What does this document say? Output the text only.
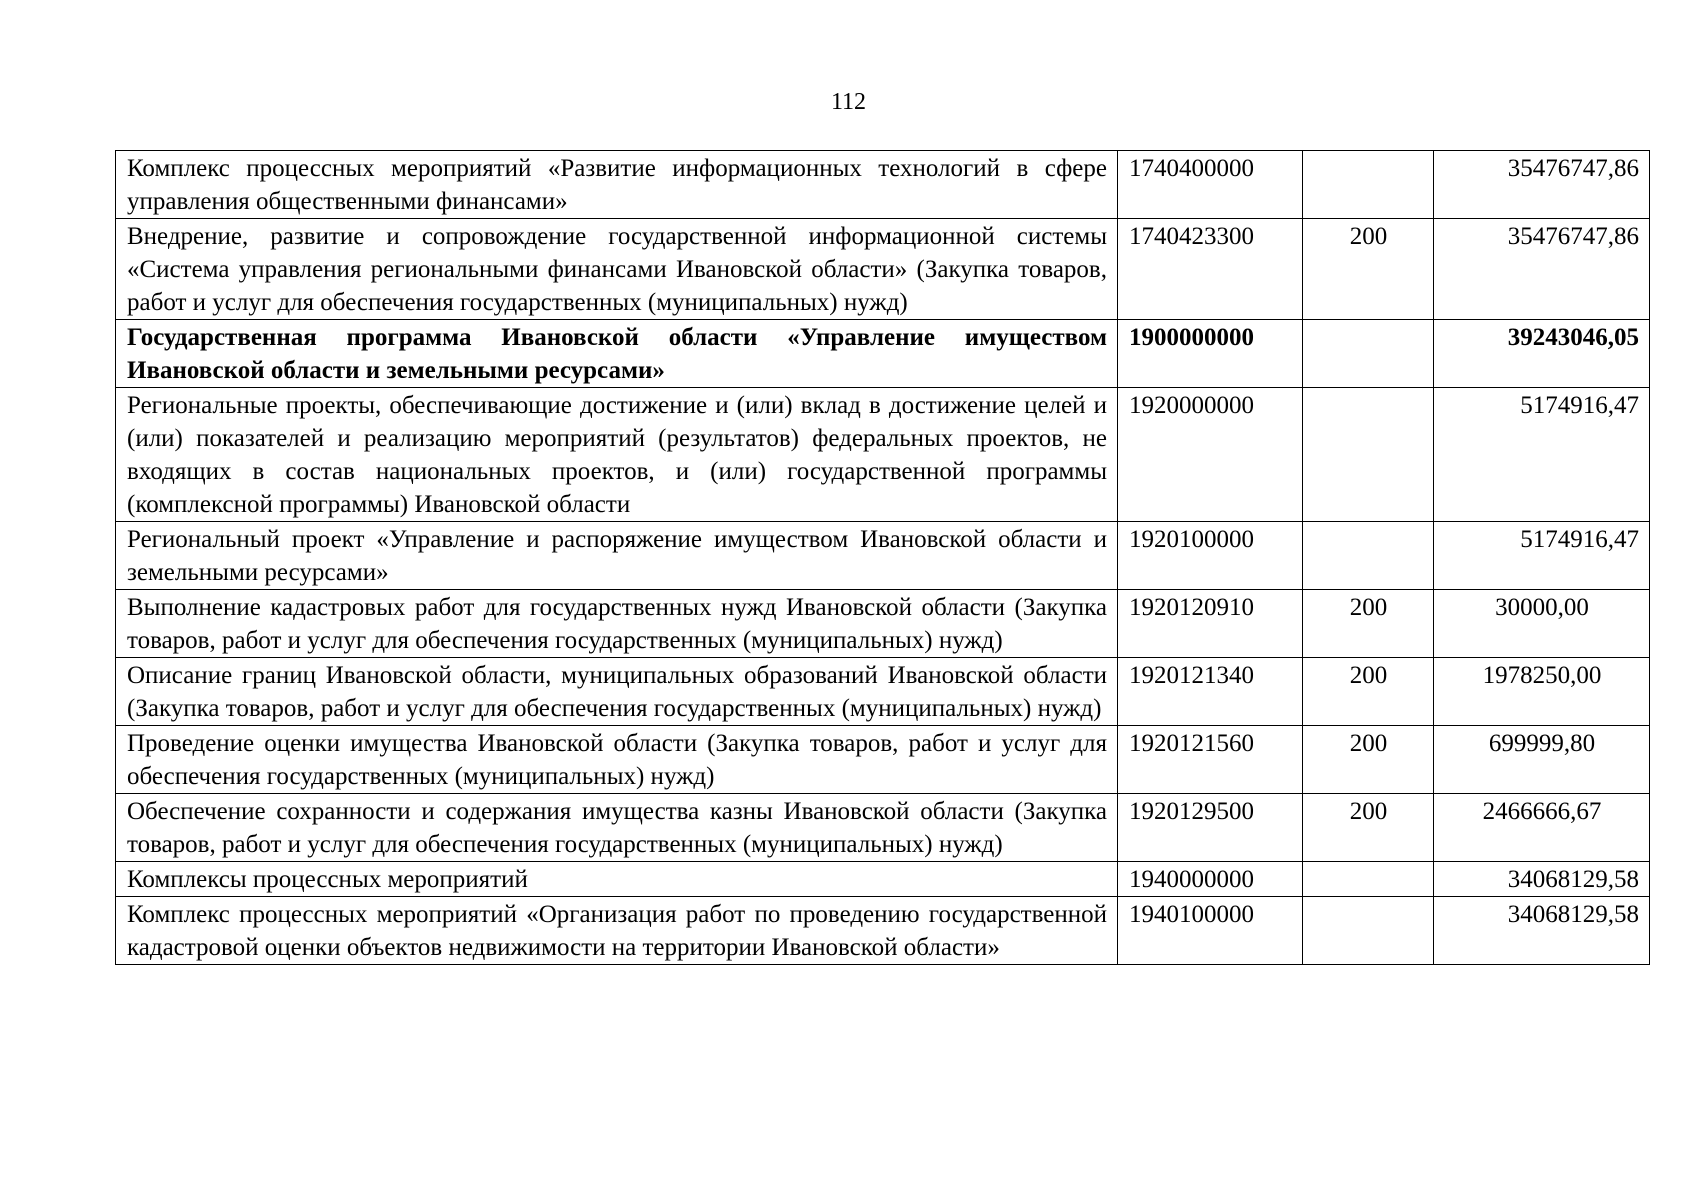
112
Комплекс процессных мероприятий «Развитие информационных технологий в сфере управления общественными финансами»	1740400000		35476747,86
Внедрение, развитие и сопровождение государственной информационной системы «Система управления региональными финансами Ивановской области» (Закупка товаров, работ и услуг для обеспечения государственных (муниципальных) нужд)	1740423300	200	35476747,86
Государственная программа Ивановской области «Управление имуществом Ивановской области и земельными ресурсами»	1900000000		39243046,05
Региональные проекты, обеспечивающие достижение и (или) вклад в достижение целей и (или) показателей и реализацию мероприятий (результатов) федеральных проектов, не входящих в состав национальных проектов, и (или) государственной программы (комплексной программы) Ивановской области	1920000000		5174916,47
Региональный проект «Управление и распоряжение имуществом Ивановской области и земельными ресурсами»	1920100000		5174916,47
Выполнение кадастровых работ для государственных нужд Ивановской области (Закупка товаров, работ и услуг для обеспечения государственных (муниципальных) нужд)	1920120910	200	30000,00
Описание границ Ивановской области, муниципальных образований Ивановской области (Закупка товаров, работ и услуг для обеспечения государственных (муниципальных) нужд)	1920121340	200	1978250,00
Проведение оценки имущества Ивановской области (Закупка товаров, работ и услуг для обеспечения государственных (муниципальных) нужд)	1920121560	200	699999,80
Обеспечение сохранности и содержания имущества казны Ивановской области (Закупка товаров, работ и услуг для обеспечения государственных (муниципальных) нужд)	1920129500	200	2466666,67
Комплексы процессных мероприятий	1940000000		34068129,58
Комплекс процессных мероприятий «Организация работ по проведению государственной кадастровой оценки объектов недвижимости на территории Ивановской области»	1940100000		34068129,58
